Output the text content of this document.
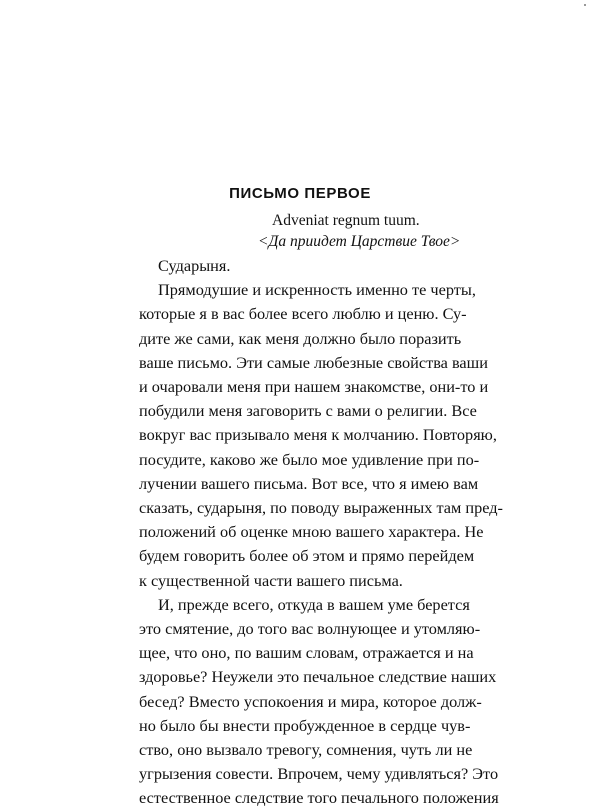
ПИСЬМО ПЕРВОЕ
Adveniat regnum tuum.
<Да приидет Царствие Твое>
Сударыня.
Прямодушие и искренность именно те черты,
которые я в вас более всего люблю и ценю. Су-
дите же сами, как меня должно было поразить
ваше письмо. Эти самые любезные свойства ваши
и очаровали меня при нашем знакомстве, они-то и
побудили меня заговорить с вами о религии. Все
вокруг вас призывало меня к молчанию. Повторяю,
посудите, каково же было мое удивление при по-
лучении вашего письма. Вот все, что я имею вам
сказать, сударыня, по поводу выраженных там пред-
положений об оценке мною вашего характера. Не
будем говорить более об этом и прямо перейдем
к существенной части вашего письма.
И, прежде всего, откуда в вашем уме берется
это смятение, до того вас волнующее и утомляю-
щее, что оно, по вашим словам, отражается и на
здоровье? Неужели это печальное следствие наших
бесед? Вместо успокоения и мира, которое долж-
но было бы внести пробужденное в сердце чув-
ство, оно вызвало тревогу, сомнения, чуть ли не
угрызения совести. Впрочем, чему удивляться? Это
естественное следствие того печального положения
